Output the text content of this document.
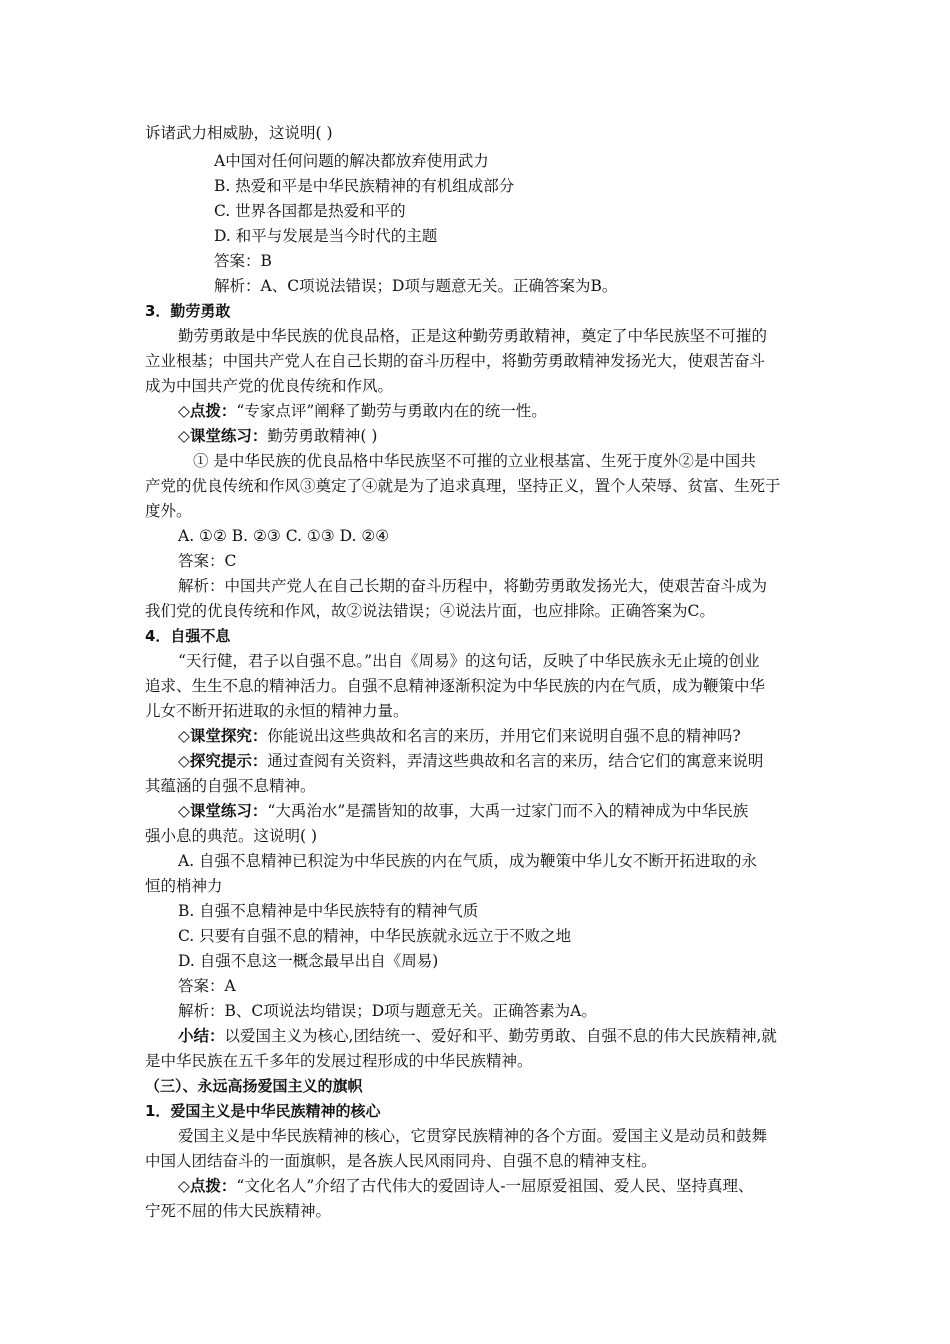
诉诸武力相威胁，这说明( )
A中国对任何问题的解决都放弃使用武力
B. 热爱和平是中华民族精神的有机组成部分
C. 世界各国都是热爱和平的
D. 和平与发展是当今时代的主题
答案：B
解析：A、C项说法错误；D项与题意无关。正确答案为B。
3．勤劳勇敢
勤劳勇敢是中华民族的优良品格，正是这种勤劳勇敢精神，奠定了中华民族坚不可摧的
立业根基；中国共产党人在自己长期的奋斗历程中，将勤劳勇敢精神发扬光大，使艰苦奋斗
成为中国共产党的优良传统和作风。
◇点拨：“专家点评”阐释了勤劳与勇敢内在的统一性。
◇课堂练习：勤劳勇敢精神( )
① 是中华民族的优良品格中华民族坚不可摧的立业根基富、生死于度外②是中国共
产党的优良传统和作风③奠定了④就是为了追求真理，坚持正义，置个人荣辱、贫富、生死于
度外。
A. ①② B. ②③ C. ①③ D. ②④
答案：C
解析：中国共产党人在自己长期的奋斗历程中，将勤劳勇敢发扬光大，使艰苦奋斗成为
我们党的优良传统和作风，故②说法错误；④说法片面，也应排除。正确答案为C。
4．自强不息
“天行健，君子以自强不息。”出自《周易》的这句话，反映了中华民族永无止境的创业
追求、生生不息的精神活力。自强不息精神逐渐积淀为中华民族的内在气质，成为鞭策中华
儿女不断开拓进取的永恒的精神力量。
◇课堂探究：你能说出这些典故和名言的来历，并用它们来说明自强不息的精神吗?
◇探究提示：通过查阅有关资料，弄清这些典故和名言的来历，结合它们的寓意来说明
其蕴涵的自强不息精神。
◇课堂练习：“大禹治水”是孺皆知的故事，大禹一过家门而不入的精神成为中华民族
强小息的典范。这说明( )
A. 自强不息精神已积淀为中华民族的内在气质，成为鞭策中华儿女不断开拓进取的永
恒的梢神力
B. 自强不息精神是中华民族特有的精神气质
C. 只要有自强不息的精神，中华民族就永远立于不败之地
D. 自强不息这一概念最早出自《周易)
答案：A
解析：B、C项说法均错误；D项与题意无关。正确答素为A。
小结：以爱国主义为核心,团结统一、爱好和平、勤劳勇敢、自强不息的伟大民族精神,就
是中华民族在五千多年的发展过程形成的中华民族精神。
（三）、永远高扬爱国主义的旗帜
1．爱国主义是中华民族精神的核心
爱国主义是中华民族精神的核心，它贯穿民族精神的各个方面。爱国主义是动员和鼓舞
中国人团结奋斗的一面旗帜，是各族人民风雨同舟、自强不息的精神支柱。
◇点拨：“文化名人”介绍了古代伟大的爱固诗人-一屈原爱祖国、爱人民、坚持真理、
宁死不屈的伟大民族精神。
